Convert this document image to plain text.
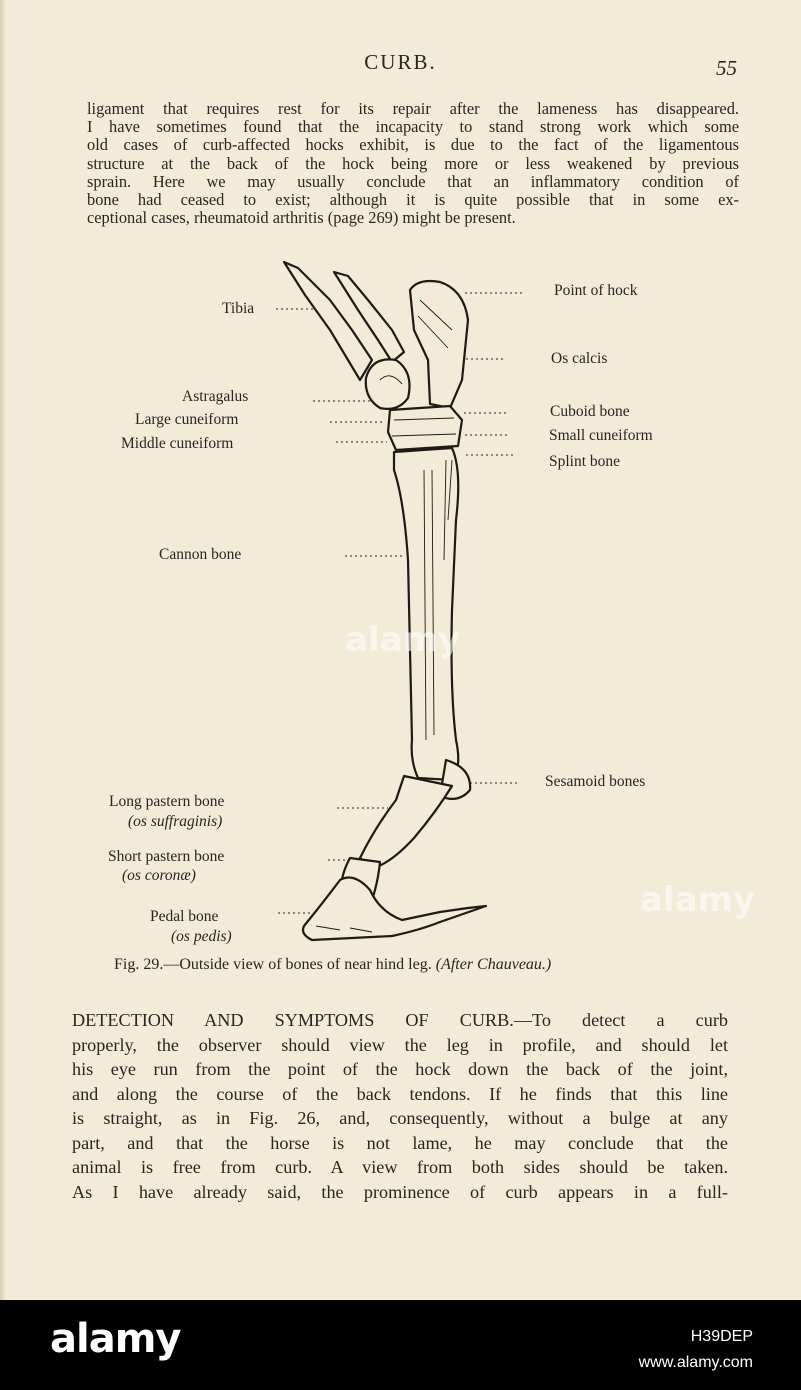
CURB.	55
ligament that requires rest for its repair after the lameness has disappeared.
I have sometimes found that the incapacity to stand strong work which some
old cases of curb-affected hocks exhibit, is due to the fact of the ligamentous
structure at the back of the hock being more or less weakened by previous
sprain. Here we may usually conclude that an inflammatory condition of
bone had ceased to exist; although it is quite possible that in some ex-
ceptional cases, rheumatoid arthritis (page 269) might be present.
Tibia
Astragalus
Large cuneiform
Middle cuneiform
Cannon bone
Long pastern bone
(os suffraginis)
Short pastern bone
(os coronæ)
Pedal bone
(os pedis)
Point of hock
Os calcis
Cuboid bone
Small cuneiform
Splint bone
Sesamoid bones
Fig. 29.—Outside view of bones of near hind leg. (After Chauveau.)
DETECTION AND SYMPTOMS OF CURB.—To detect a curb
properly, the observer should view the leg in profile, and should let
his eye run from the point of the hock down the back of the joint,
and along the course of the back tendons. If he finds that this line
is straight, as in Fig. 26, and, consequently, without a bulge at any
part, and that the horse is not lame, he may conclude that the
animal is free from curb. A view from both sides should be taken.
As I have already said, the prominence of curb appears in a full-
alamy
alamy
alamy	H39DEP
www.alamy.com
